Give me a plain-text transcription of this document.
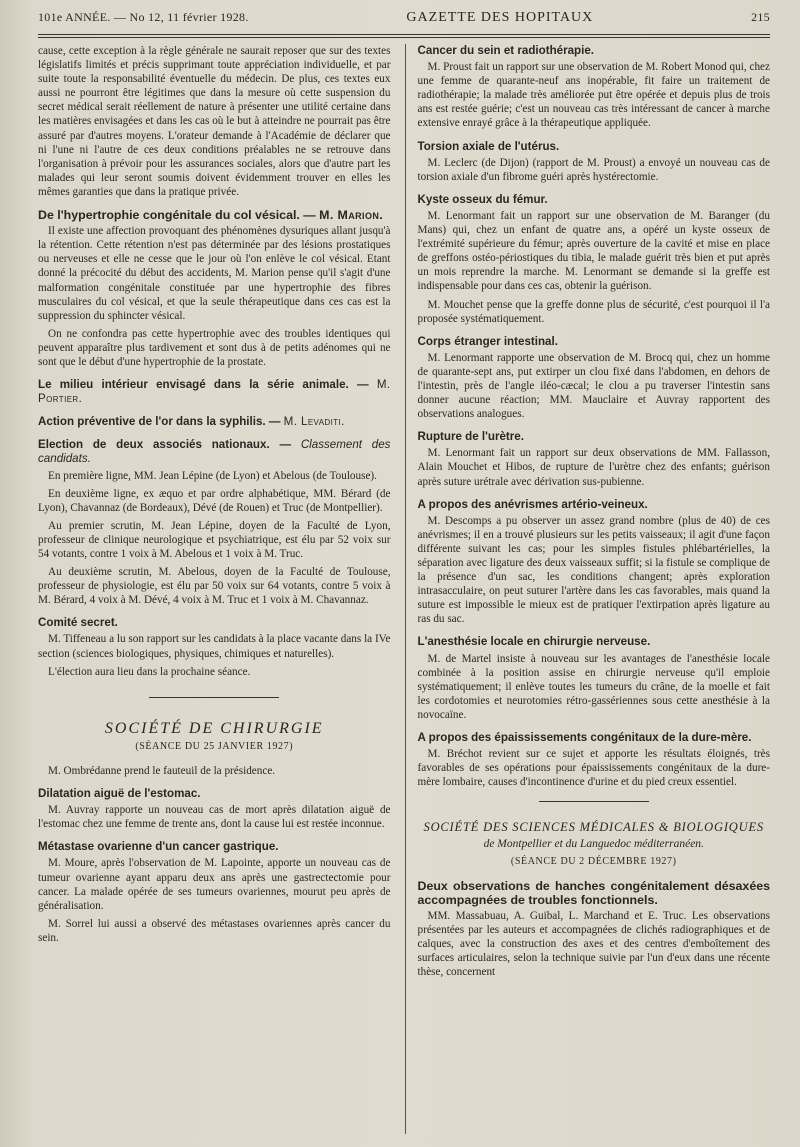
101e ANNÉE. — No 12, 11 février 1928.	GAZETTE DES HOPITAUX	215

cause, cette exception à la règle générale ne saurait reposer que sur des textes législatifs limités et précis supprimant toute appréciation individuelle, et par suite toute la responsabilité éventuelle du médecin. De plus, ces textes eux aussi ne pourront être légitimes que dans la mesure où cette suspension du secret médical serait réellement de nature à présenter une utilité certaine dans les matières envisagées et dans les cas où le but à atteindre ne pourrait pas être assuré par d'autres moyens. L'orateur demande à l'Académie de déclarer que ni l'une ni l'autre de ces deux conditions préalables ne se retrouve dans l'organisation à prévoir pour les assurances sociales, alors que d'autre part les malades qui leur seront soumis doivent évidemment trouver en elles les mêmes garanties que dans la pratique privée.

De l'hypertrophie congénitale du col vésical. — M. Marion.

Il existe une affection provoquant des phénomènes dysuriques allant jusqu'à la rétention. Cette rétention n'est pas déterminée par des lésions prostatiques ou nerveuses et elle ne cesse que le jour où l'on enlève le col vésical. Etant donné la précocité du début des accidents, M. Marion pense qu'il s'agit d'une malformation congénitale constituée par une hypertrophie des fibres musculaires du col vésical, et que la seule thérapeutique dans ces cas est la suppression du sphincter vésical.

On ne confondra pas cette hypertrophie avec des troubles identiques qui peuvent apparaître plus tardivement et sont dus à de petits adénomes qui ne sont que le début d'une hypertrophie de la prostate.

Le milieu intérieur envisagé dans la série animale. — M. Portier.
Action préventive de l'or dans la syphilis. — M. Levaditi.
Election de deux associés nationaux. — Classement des candidats.

En première ligne, MM. Jean Lépine (de Lyon) et Abelous (de Toulouse).

En deuxième ligne, ex æquo et par ordre alphabétique, MM. Bérard (de Lyon), Chavannaz (de Bordeaux), Dévé (de Rouen) et Truc (de Montpellier).

Au premier scrutin, M. Jean Lépine, doyen de la Faculté de Lyon, professeur de clinique neurologique et psychiatrique, est élu par 52 voix sur 54 votants, contre 1 voix à M. Abelous et 1 voix à M. Truc.

Au deuxième scrutin, M. Abelous, doyen de la Faculté de Toulouse, professeur de physiologie, est élu par 50 voix sur 64 votants, contre 5 voix à M. Bérard, 4 voix à M. Dévé, 4 voix à M. Truc et 1 voix à M. Chavannaz.

Comité secret.

M. Tiffeneau a lu son rapport sur les candidats à la place vacante dans la IVe section (sciences biologiques, physiques, chimiques et naturelles).

L'élection aura lieu dans la prochaine séance.

SOCIÉTÉ DE CHIRURGIE
(SÉANCE DU 25 JANVIER 1927)

M. Ombrédanne prend le fauteuil de la présidence.

Dilatation aiguë de l'estomac.

M. Auvray rapporte un nouveau cas de mort après dilatation aiguë de l'estomac chez une femme de trente ans, dont la cause lui est restée inconnue.

Métastase ovarienne d'un cancer gastrique.

M. Moure, après l'observation de M. Lapointe, apporte un nouveau cas de tumeur ovarienne ayant apparu deux ans après une gastrectectomie pour cancer. La malade opérée de ses tumeurs ovariennes, mourut peu après de généralisation.

M. Sorrel lui aussi a observé des métastases ovariennes après cancer du sein.

Cancer du sein et radiothérapie.

M. Proust fait un rapport sur une observation de M. Robert Monod qui, chez une femme de quarante-neuf ans inopérable, fit faire un traitement de radiothérapie; la malade très améliorée put être opérée et depuis plus de trois ans est restée guérie; c'est un nouveau cas très intéressant de cancer à marche extensive enrayé grâce à la thérapeutique appliquée.

Torsion axiale de l'utérus.

M. Leclerc (de Dijon) (rapport de M. Proust) a envoyé un nouveau cas de torsion axiale d'un fibrome guéri après hystérectomie.

Kyste osseux du fémur.

M. Lenormant fait un rapport sur une observation de M. Baranger (du Mans) qui, chez un enfant de quatre ans, a opéré un kyste osseux de l'extrémité supérieure du fémur; après ouverture de la cavité et mise en place de greffons ostéo-périostiques du tibia, le malade guérit très bien et put après un mois reprendre la marche. M. Lenormant se demande si la greffe est indispensable pour dans ces cas, obtenir la guérison.

M. Mouchet pense que la greffe donne plus de sécurité, c'est pourquoi il l'a proposée systématiquement.

Corps étranger intestinal.

M. Lenormant rapporte une observation de M. Brocq qui, chez un homme de quarante-sept ans, put extirper un clou fixé dans l'abdomen, en dehors de l'intestin, près de l'angle iléo-cæcal; le clou a pu traverser l'intestin sans donner aucune réaction; MM. Mauclaire et Auvray rapportent des observations analogues.

Rupture de l'urètre.

M. Lenormant fait un rapport sur deux observations de MM. Fallasson, Alain Mouchet et Hibos, de rupture de l'urètre chez des enfants; guérison après suture urétrale avec dérivation sus-pubienne.

A propos des anévrismes artério-veineux.

M. Descomps a pu observer un assez grand nombre (plus de 40) de ces anévrismes; il en a trouvé plusieurs sur les petits vaisseaux; il agit d'une façon différente suivant les cas; pour les simples fistules phlébartérielles, la séparation avec ligature des deux vaisseaux suffit; si la fistule se complique de la présence d'un sac, les conditions changent; après exploration intrasacculaire, on peut suturer l'artère dans les cas favorables, mais quand la suture est impossible le mieux est de pratiquer l'extirpation après ligature au ras du sac.

L'anesthésie locale en chirurgie nerveuse.

M. de Martel insiste à nouveau sur les avantages de l'anesthésie locale combinée à la position assise en chirurgie nerveuse qu'il emploie systématiquement; il enlève toutes les tumeurs du crâne, de la moelle et fait les cordotomies et neurotomies rétro-gassériennes sous cette anesthésie à la novocaïne.

A propos des épaississements congénitaux de la dure-mère.

M. Bréchot revient sur ce sujet et apporte les résultats éloignés, très favorables de ses opérations pour épaississements congénitaux de la dure-mère lombaire, causes d'incontinence d'urine et du pied creux essentiel.

SOCIÉTÉ DES SCIENCES MÉDICALES & BIOLOGIQUES
de Montpellier et du Languedoc méditerranéen.
(SÉANCE DU 2 DÉCEMBRE 1927)
Deux observations de hanches congénitalement désaxées accompagnées de troubles fonctionnels.

MM. Massabuau, A. Guibal, L. Marchand et E. Truc. Les observations présentées par les auteurs et accompagnées de clichés radiographiques et de calques, avec la construction des axes et des centres d'emboîtement des surfaces articulaires, selon la technique suivie par l'un d'eux dans une récente thèse, concernent
